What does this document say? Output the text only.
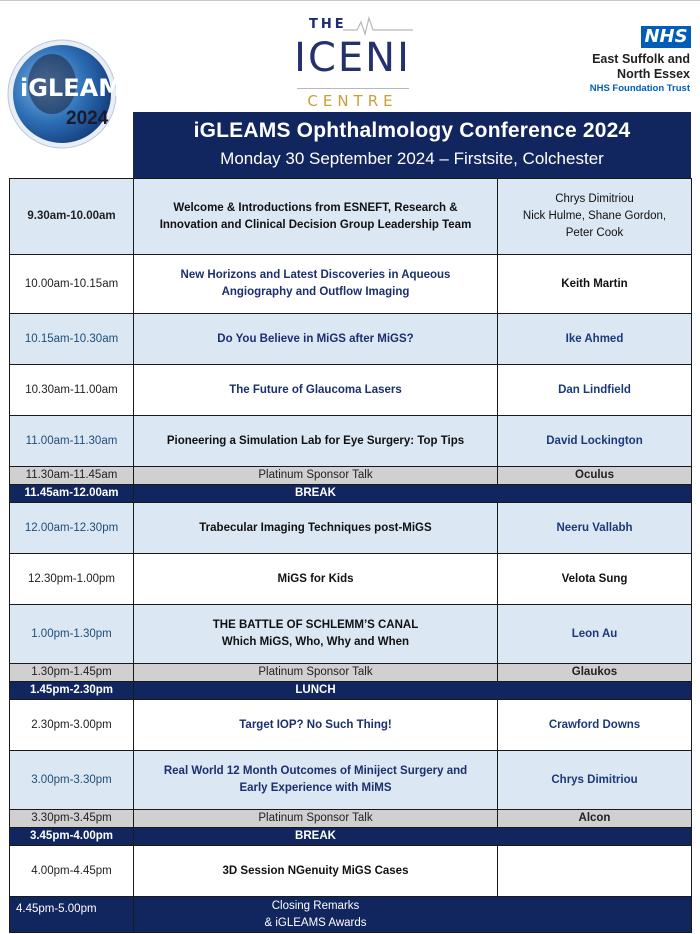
iGLEAMS
2024
THE
ICENI
CENTRE
NHS
East Suffolk and
North Essex
NHS Foundation Trust
iGLEAMS Ophthalmology Conference 2024
Monday 30 September 2024 – Firstsite, Colchester
9.30am-10.00am	Welcome & Introductions from ESNEFT, Research &
Innovation and Clinical Decision Group Leadership Team	Chrys Dimitriou
Nick Hulme, Shane Gordon,
Peter Cook
10.00am-10.15am	New Horizons and Latest Discoveries in Aqueous
Angiography and Outflow Imaging	Keith Martin
10.15am-10.30am	Do You Believe in MiGS after MiGS?	Ike Ahmed
10.30am-11.00am	The Future of Glaucoma Lasers	Dan Lindfield
11.00am-11.30am	Pioneering a Simulation Lab for Eye Surgery: Top Tips	David Lockington
11.30am-11.45am	Platinum Sponsor Talk	Oculus
11.45am-12.00am	BREAK	
12.00am-12.30pm	Trabecular Imaging Techniques post-MiGS	Neeru Vallabh
12.30pm-1.00pm	MiGS for Kids	Velota Sung
1.00pm-1.30pm	THE BATTLE OF SCHLEMM’S CANAL
Which MiGS, Who, Why and When	Leon Au
1.30pm-1.45pm	Platinum Sponsor Talk	Glaukos
1.45pm-2.30pm	LUNCH	
2.30pm-3.00pm	Target IOP? No Such Thing!	Crawford Downs
3.00pm-3.30pm	Real World 12 Month Outcomes of Miniject Surgery and
Early Experience with MiMS	Chrys Dimitriou
3.30pm-3.45pm	Platinum Sponsor Talk	Alcon
3.45pm-4.00pm	BREAK	
4.00pm-4.45pm	3D Session NGenuity MiGS Cases	
4.45pm-5.00pm	Closing Remarks
& iGLEAMS Awards	
